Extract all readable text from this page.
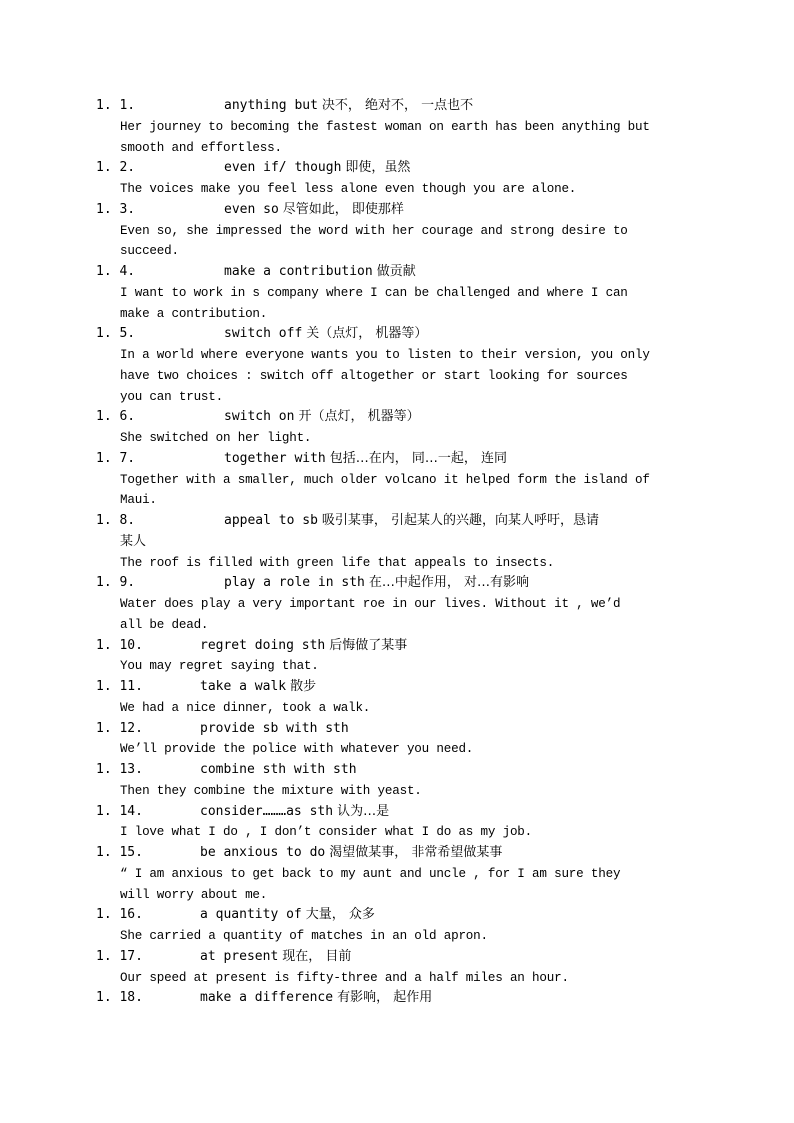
1. 1.	anything but 决不， 绝对不， 一点也不
Her journey to becoming the fastest woman on earth has been anything but
smooth and effortless.
1. 2.	even if/ though 即使，虽然
The voices make you feel less alone even though you are alone.
1. 3.	even so 尽管如此， 即使那样
Even so, she impressed the word with her courage and strong desire to
succeed.
1. 4.	make a contribution 做贡献
I want to work in s company where I can be challenged and where I can
make a contribution.
1. 5.	switch off 关（点灯， 机器等）
In a world where everyone wants you to listen to their version, you only
have two choices : switch off altogether or start looking for sources
you can trust.
1. 6.	switch on 开（点灯， 机器等）
She switched on her light.
1. 7.	together with 包括…在内， 同…一起， 连同
Together with a smaller, much older volcano it helped form the island of
Maui.
1. 8.	appeal to sb 吸引某事， 引起某人的兴趣，向某人呼吁，恳请
某人
The roof is filled with green life that appeals to insects.
1. 9.	play a role in sth 在…中起作用， 对…有影响
Water does play a very important roe in our lives. Without it , we’d
all be dead.
1. 10.	regret doing sth 后悔做了某事
You may regret saying that.
1. 11.	take a walk 散步
We had a nice dinner, took a walk.
1. 12.	provide sb with sth
We’ll provide the police with whatever you need.
1. 13.	combine sth with sth
Then they combine the mixture with yeast.
1. 14.	consider………as sth 认为…是
I love what I do , I don’t consider what I do as my job.
1. 15.	be anxious to do 渴望做某事， 非常希望做某事
“ I am anxious to get back to my aunt and uncle , for I am sure they
will worry about me.
1. 16.	a quantity of 大量， 众多
She carried a quantity of matches in an old apron.
1. 17.	at present 现在， 目前
Our speed at present is fifty-three and a half miles an hour.
1. 18.	make a difference 有影响， 起作用
